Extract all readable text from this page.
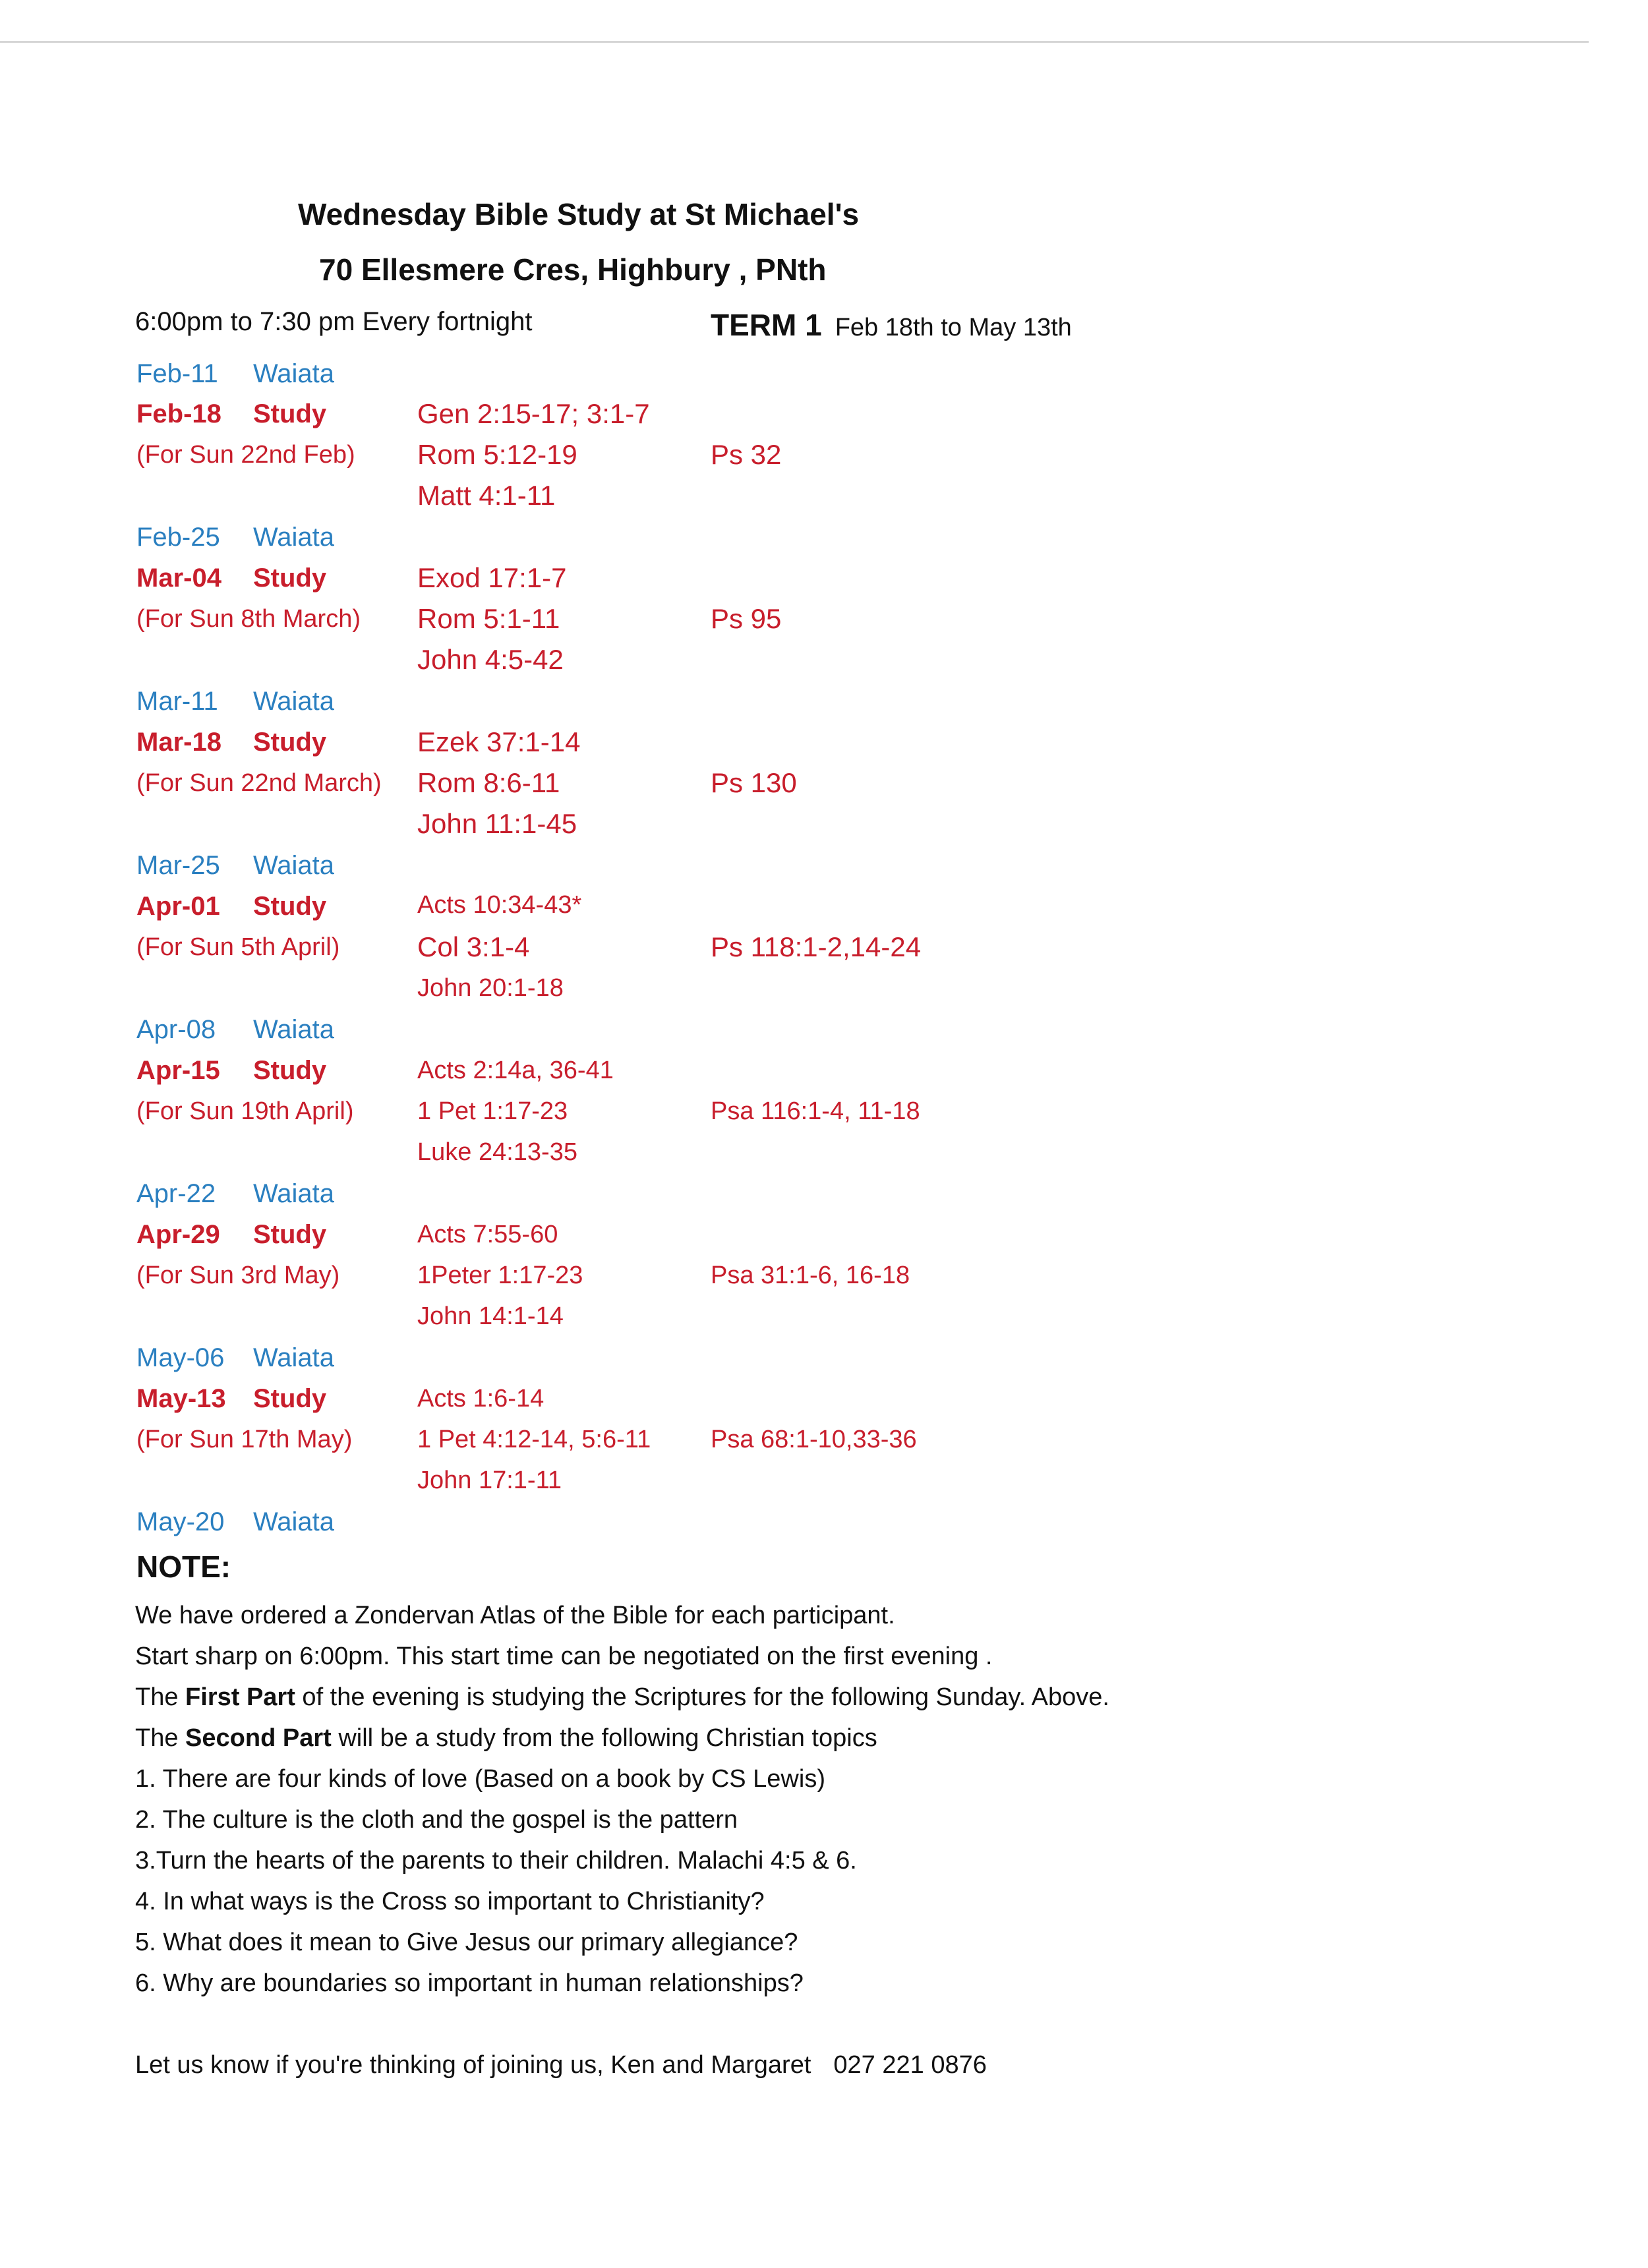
Wednesday Bible Study at St Michael's
70 Ellesmere Cres, Highbury , PNth
6:00pm to 7:30 pm Every fortnight	TERM 1 Feb 18th to May 13th
Feb-11 Waiata
Feb-18 Study
(For Sun 22nd Feb)
Gen 2:15-17; 3:1-7
Rom 5:12-19
Matt 4:1-11
Ps 32
Feb-25 Waiata
Mar-04 Study
(For Sun 8th March)
Exod 17:1-7
Rom 5:1-11
John 4:5-42
Ps 95
Mar-11 Waiata
Mar-18 Study
(For Sun 22nd March)
Ezek 37:1-14
Rom 8:6-11
John 11:1-45
Ps 130
Mar-25 Waiata
Apr-01 Study
(For Sun 5th April)
Acts 10:34-43*
Col 3:1-4
John 20:1-18
Ps 118:1-2,14-24
Apr-08 Waiata
Apr-15 Study
(For Sun 19th April)
Acts 2:14a, 36-41
1 Pet 1:17-23
Luke 24:13-35
Psa 116:1-4, 11-18
Apr-22 Waiata
Apr-29 Study
(For Sun 3rd May)
Acts 7:55-60
1Peter 1:17-23
John 14:1-14
Psa 31:1-6, 16-18
May-06 Waiata
May-13 Study
(For Sun 17th May)
Acts 1:6-14
1 Pet 4:12-14, 5:6-11
John 17:1-11
Psa 68:1-10,33-36
May-20 Waiata
NOTE:
We have ordered a Zondervan Atlas of the Bible for each participant.
Start sharp on 6:00pm. This start time can be negotiated on the first evening .
The First Part of the evening is studying the Scriptures for the following Sunday. Above.
The Second Part will be a study from the following Christian topics
1. There are four kinds of love (Based on a book by CS Lewis)
2. The culture is the cloth and the gospel is the pattern
3.Turn the hearts of the parents to their children. Malachi 4:5 & 6.
4. In what ways is the Cross so important to Christianity?
5. What does it mean to Give Jesus our primary allegiance?
6. Why are boundaries so important in human relationships?
Let us know if you're thinking of joining us, Ken and Margaret 027 221 0876
